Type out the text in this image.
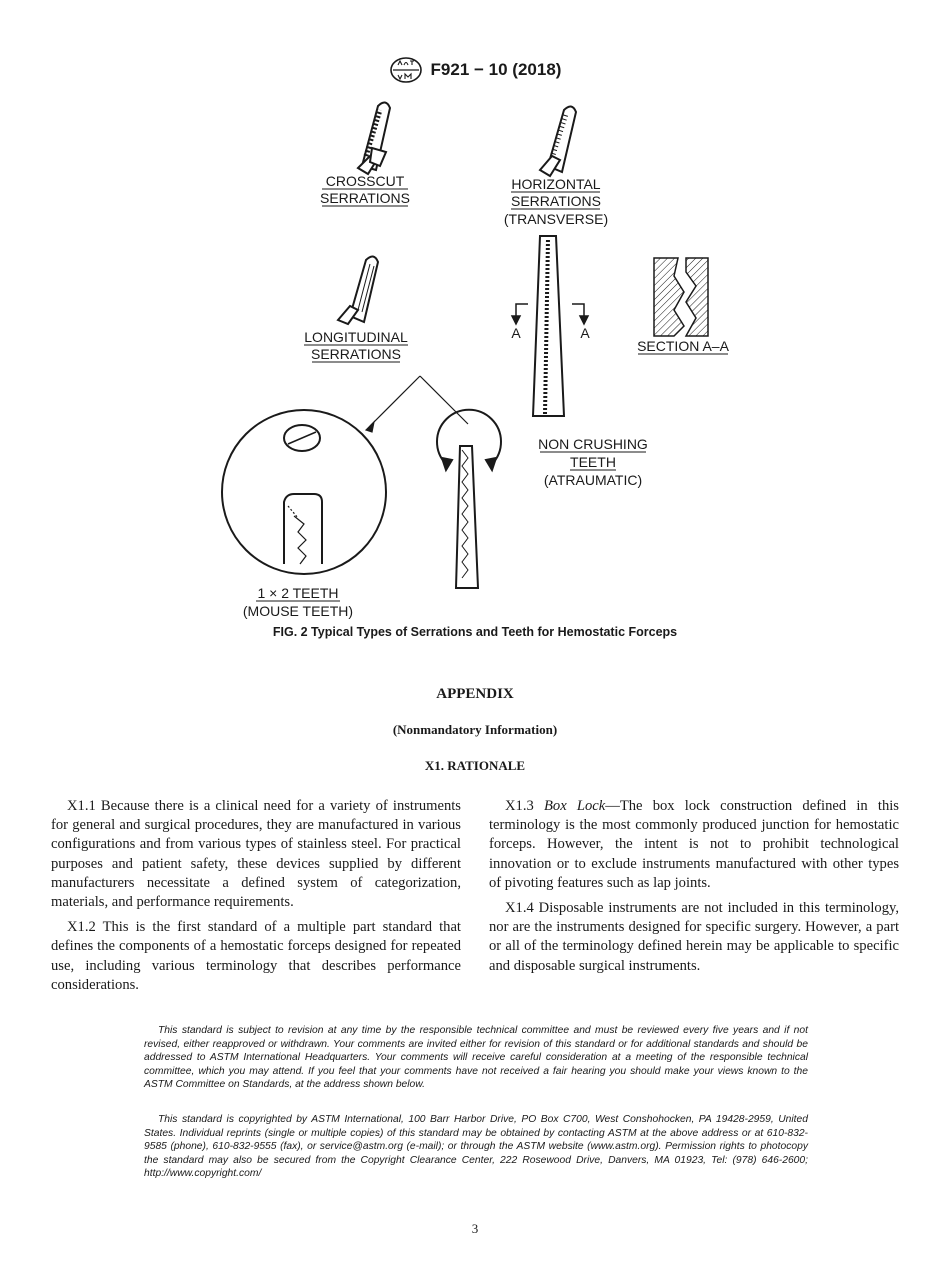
F921 − 10 (2018)
CROSSCUT
SERRATIONS
HORIZONTAL
SERRATIONS
(TRANSVERSE)
LONGITUDINAL
SERRATIONS
A	A
SECTION A–A
1 × 2 TEETH
(MOUSE TEETH)
NON CRUSHING
TEETH
(ATRAUMATIC)
FIG. 2 Typical Types of Serrations and Teeth for Hemostatic Forceps
APPENDIX
(Nonmandatory Information)
X1. RATIONALE

X1.1 Because there is a clinical need for a variety of instruments for general and surgical procedures, they are manufactured in various configurations and from various types of stainless steel. For practical purposes and patient safety, these devices supplied by different manufacturers necessitate a defined system of categorization, materials, and performance requirements.

X1.2 This is the first standard of a multiple part standard that defines the components of a hemostatic forceps designed for repeated use, including various terminology that describes performance considerations.

X1.3 Box Lock—The box lock construction defined in this terminology is the most commonly produced junction for hemostatic forceps. However, the intent is not to prohibit technological innovation or to exclude instruments manufactured with other types of pivoting features such as lap joints.

X1.4 Disposable instruments are not included in this terminology, nor are the instruments designed for specific surgery. However, a part or all of the terminology defined herein may be applicable to specific and disposable surgical instruments.

This standard is subject to revision at any time by the responsible technical committee and must be reviewed every five years and if not revised, either reapproved or withdrawn. Your comments are invited either for revision of this standard or for additional standards and should be addressed to ASTM International Headquarters. Your comments will receive careful consideration at a meeting of the responsible technical committee, which you may attend. If you feel that your comments have not received a fair hearing you should make your views known to the ASTM Committee on Standards, at the address shown below.

This standard is copyrighted by ASTM International, 100 Barr Harbor Drive, PO Box C700, West Conshohocken, PA 19428-2959, United States. Individual reprints (single or multiple copies) of this standard may be obtained by contacting ASTM at the above address or at 610-832-9585 (phone), 610-832-9555 (fax), or service@astm.org (e-mail); or through the ASTM website (www.astm.org). Permission rights to photocopy the standard may also be secured from the Copyright Clearance Center, 222 Rosewood Drive, Danvers, MA 01923, Tel: (978) 646-2600; http://www.copyright.com/

3
